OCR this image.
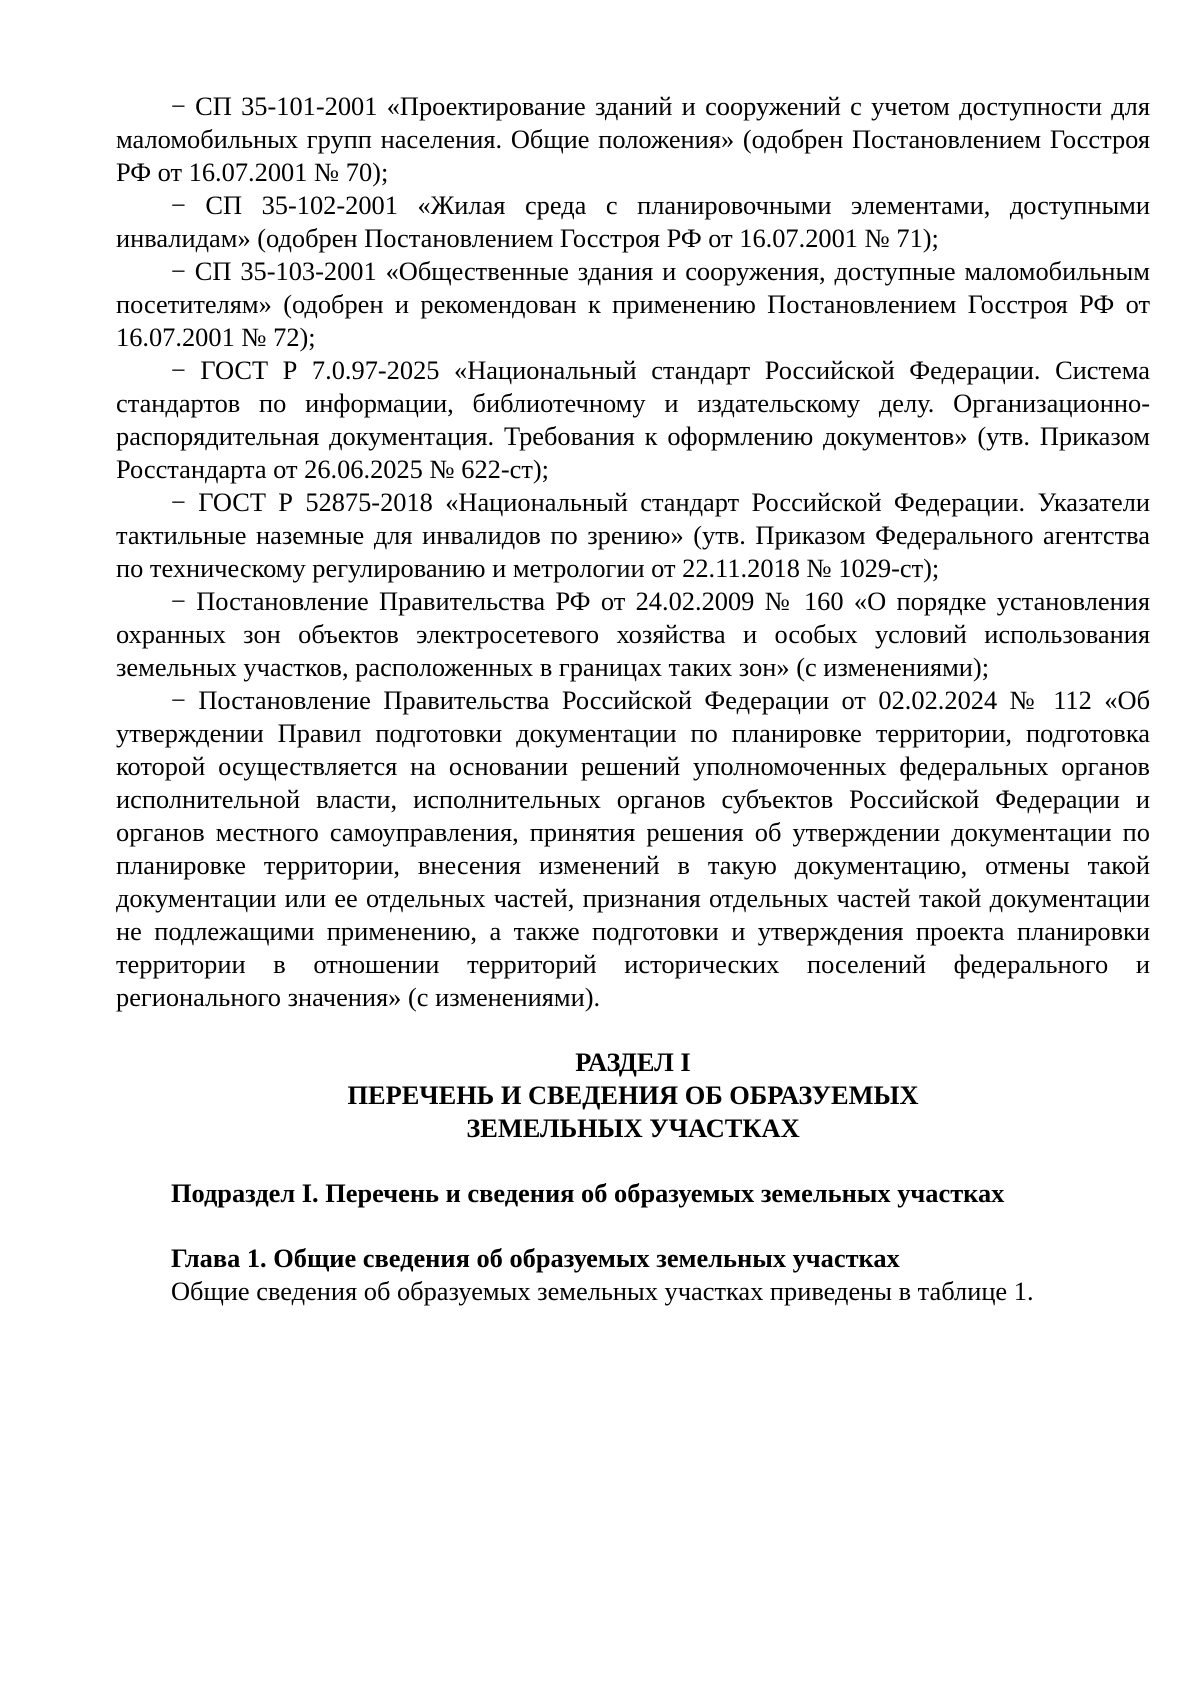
− СП 35-101-2001 «Проектирование зданий и сооружений с учетом доступности для маломобильных групп населения. Общие положения» (одобрен Постановлением Госстроя РФ от 16.07.2001 № 70);

− СП 35-102-2001 «Жилая среда с планировочными элементами, доступными инвалидам» (одобрен Постановлением Госстроя РФ от 16.07.2001 № 71);

− СП 35-103-2001 «Общественные здания и сооружения, доступные маломобильным посетителям» (одобрен и рекомендован к применению Постановлением Госстроя РФ от 16.07.2001 № 72);

− ГОСТ Р 7.0.97-2025 «Национальный стандарт Российской Федерации. Система стандартов по информации, библиотечному и издательскому делу. Организационно-распорядительная документация. Требования к оформлению документов» (утв. Приказом Росстандарта от 26.06.2025 № 622-ст);

− ГОСТ Р 52875-2018 «Национальный стандарт Российской Федерации. Указатели тактильные наземные для инвалидов по зрению» (утв. Приказом Федерального агентства по техническому регулированию и метрологии от 22.11.2018 № 1029-ст);

− Постановление Правительства РФ от 24.02.2009 № 160 «О порядке установления охранных зон объектов электросетевого хозяйства и особых условий использования земельных участков, расположенных в границах таких зон» (с изменениями);

− Постановление Правительства Российской Федерации от 02.02.2024 № 112 «Об утверждении Правил подготовки документации по планировке территории, подготовка которой осуществляется на основании решений уполномоченных федеральных органов исполнительной власти, исполнительных органов субъектов Российской Федерации и органов местного самоуправления, принятия решения об утверждении документации по планировке территории, внесения изменений в такую документацию, отмены такой документации или ее отдельных частей, признания отдельных частей такой документации не подлежащими применению, а также подготовки и утверждения проекта планировки территории в отношении территорий исторических поселений федерального и регионального значения» (с изменениями).

РАЗДЕЛ I

ПЕРЕЧЕНЬ И СВЕДЕНИЯ ОБ ОБРАЗУЕМЫХ

ЗЕМЕЛЬНЫХ УЧАСТКАХ

Подраздел I. Перечень и сведения об образуемых земельных участках

Глава 1. Общие сведения об образуемых земельных участках

Общие сведения об образуемых земельных участках приведены в таблице 1.
